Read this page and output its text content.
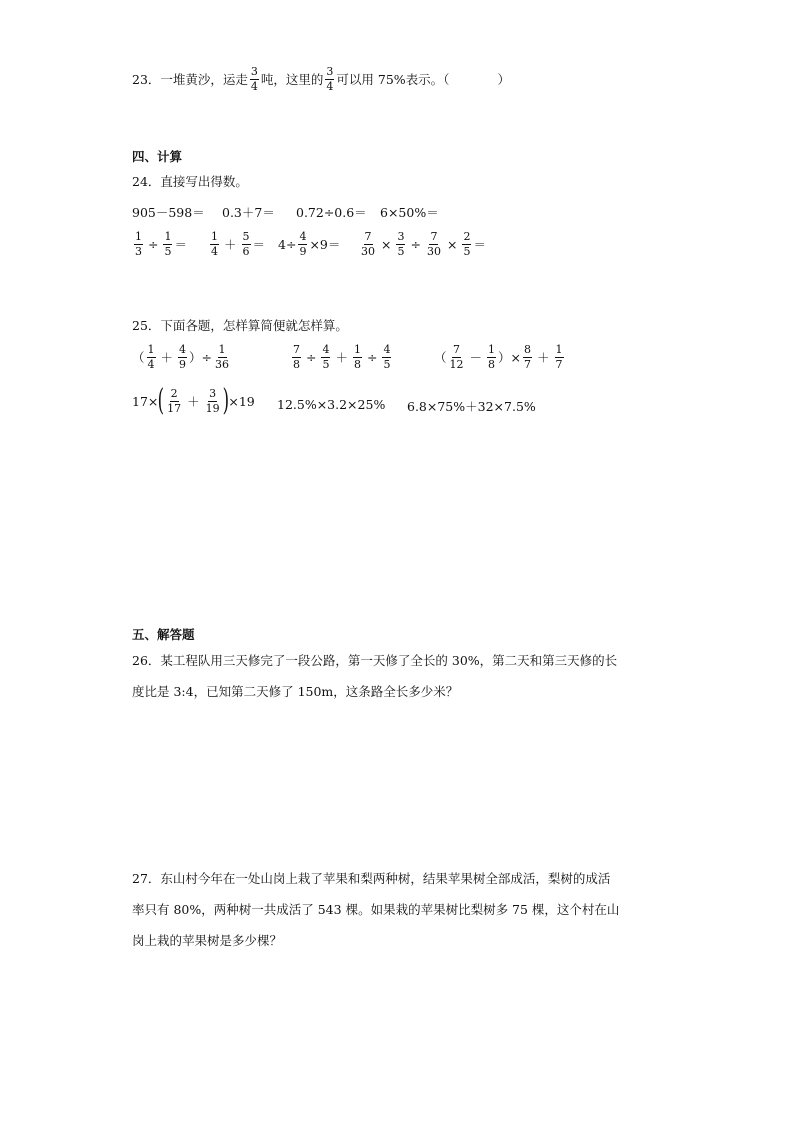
23．一堆黄沙，运走 $\frac{3}{4}$ 吨，这里的 $\frac{3}{4}$ 可以用 75%表示。（	）
四、计算
24．直接写出得数。
905－598＝	0.3＋7＝	0.72÷0.6＝	6×50%＝
$\frac{1}{3} \div \frac{1}{5} = \frac{1}{4} + \frac{5}{6} = 4\div \frac{4}{9} \times 9= \frac{7}{30} \times \frac{3}{5} \div \frac{7}{30} \times \frac{2}{5}$ ＝
25．下面各题，怎样算简便就怎样算。
（ $\frac{1}{4} + \frac{4}{9}$ ）÷ $\frac{1}{36}$	$\frac{7}{8} \div \frac{4}{5} + \frac{1}{8} \div \frac{4}{5}$	（ $\frac{7}{12} - \frac{1}{8}$ ）× $\frac{8}{7} + \frac{1}{7}$
17× ( $\frac{2}{17} + \frac{3}{19}$ ) ×19 12.5%×3.2×25% 6.8×75%＋32×7.5%
五、解答题
26．某工程队用三天修完了一段公路，第一天修了全长的 30%，第二天和第三天修的长
度比是 3:4，已知第二天修了 150m，这条路全长多少米？
27．东山村今年在一处山岗上栽了苹果和梨两种树，结果苹果树全部成活，梨树的成活
率只有 80%，两种树一共成活了 543 棵。如果栽的苹果树比梨树多 75 棵，这个村在山
岗上栽的苹果树是多少棵？
